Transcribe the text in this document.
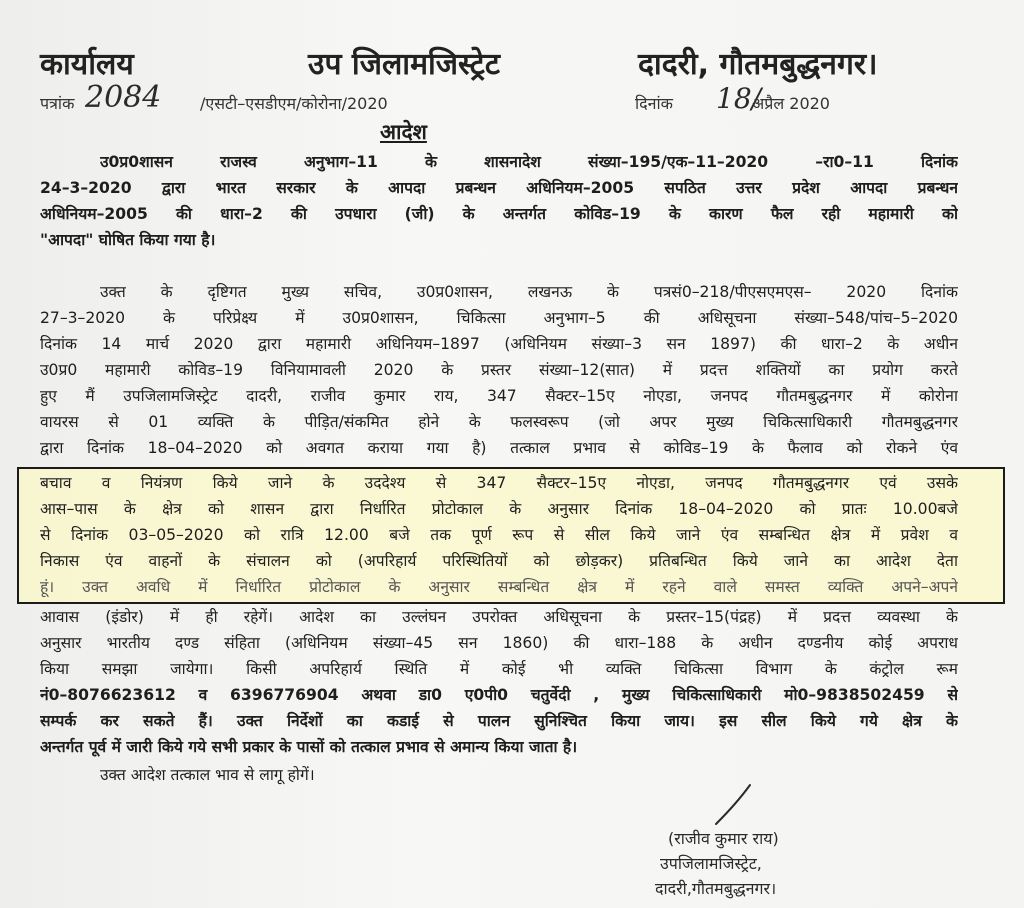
कार्यालय	उप जिलामजिस्ट्रेट	दादरी, गौतमबुद्धनगर।
पत्रांक 2084 /एसटी–एसडीएम/कोरोना/2020	दिनांक 18/
अप्रैल 2020
आदेश
उ0प्र0शासन राजस्व अनुभाग–11 के शासनादेश संख्या–195/एक–11–2020 –रा0–11 दिनांक
24–3–2020 द्वारा भारत सरकार के आपदा प्रबन्धन अधिनियम–2005 सपठित उत्तर प्रदेश आपदा प्रबन्धन
अधिनियम–2005 की धारा–2 की उपधारा (जी) के अन्तर्गत कोविड–19 के कारण फैल रही महामारी को
"आपदा" घोषित किया गया है।
उक्त के दृष्टिगत मुख्य सचिव, उ0प्र0शासन, लखनऊ के पत्रसं0–218/पीएसएमएस– 2020 दिनांक
27–3–2020 के परिप्रेक्ष्य में उ0प्र0शासन, चिकित्सा अनुभाग–5 की अधिसूचना संख्या–548/पांच–5–2020
दिनांक 14 मार्च 2020 द्वारा महामारी अधिनियम–1897 (अधिनियम संख्या–3 सन 1897) की धारा–2 के अधीन
उ0प्र0 महामारी कोविड–19 विनियामावली 2020 के प्रस्तर संख्या–12(सात) में प्रदत्त शक्तियों का प्रयोग करते
हुए मैं उपजिलामजिस्ट्रेट दादरी, राजीव कुमार राय, 347 सैक्टर–15ए नोएडा, जनपद गौतमबुद्धनगर में कोरोना
वायरस से 01 व्यक्ति के पीड़ित/संकमित होने के फलस्वरूप (जो अपर मुख्य चिकित्साधिकारी गौतमबुद्धनगर
द्वारा दिनांक 18–04–2020 को अवगत कराया गया है) तत्काल प्रभाव से कोविड–19 के फैलाव को रोकने एंव
बचाव व नियंत्रण किये जाने के उददेश्य से 347 सैक्टर–15ए नोएडा, जनपद गौतमबुद्धनगर एवं उसके
आस–पास के क्षेत्र को शासन द्वारा निर्धारित प्रोटोकाल के अनुसार दिनांक 18–04–2020 को प्रातः 10.00बजे
से दिनांक 03–05–2020 को रात्रि 12.00 बजे तक पूर्ण रूप से सील किये जाने एंव सम्बन्धित क्षेत्र में प्रवेश व
निकास एंव वाहनों के संचालन को (अपरिहार्य परिस्थितियों को छोड़कर) प्रतिबन्धित किये जाने का आदेश देता
हूं। उक्त अवधि में निर्धारित प्रोटोकाल के अनुसार सम्बन्धित क्षेत्र में रहने वाले समस्त व्यक्ति अपने–अपने
आवास (इंडोर) में ही रहेगें। आदेश का उल्लंघन उपरोक्त अधिसूचना के प्रस्तर–15(पंद्रह) में प्रदत्त व्यवस्था के
अनुसार भारतीय दण्ड संहिता (अधिनियम संख्या–45 सन 1860) की धारा–188 के अधीन दण्डनीय कोई अपराध
किया समझा जायेगा। किसी अपरिहार्य स्थिति में कोई भी व्यक्ति चिकित्सा विभाग के कंट्रोल रूम
नं0–8076623612 व 6396776904 अथवा डा0 ए0पी0 चतुर्वेदी , मुख्य चिकित्साधिकारी मो0–9838502459 से
सम्पर्क कर सकते हैं। उक्त निर्देशों का कडाई से पालन सुनिश्चित किया जाय। इस सील किये गये क्षेत्र के
अन्तर्गत पूर्व में जारी किये गये सभी प्रकार के पासों को तत्काल प्रभाव से अमान्य किया जाता है।
उक्त आदेश तत्काल भाव से लागू होगें।
(राजीव कुमार राय)
उपजिलामजिस्ट्रेट,
दादरी,गौतमबुद्धनगर।
